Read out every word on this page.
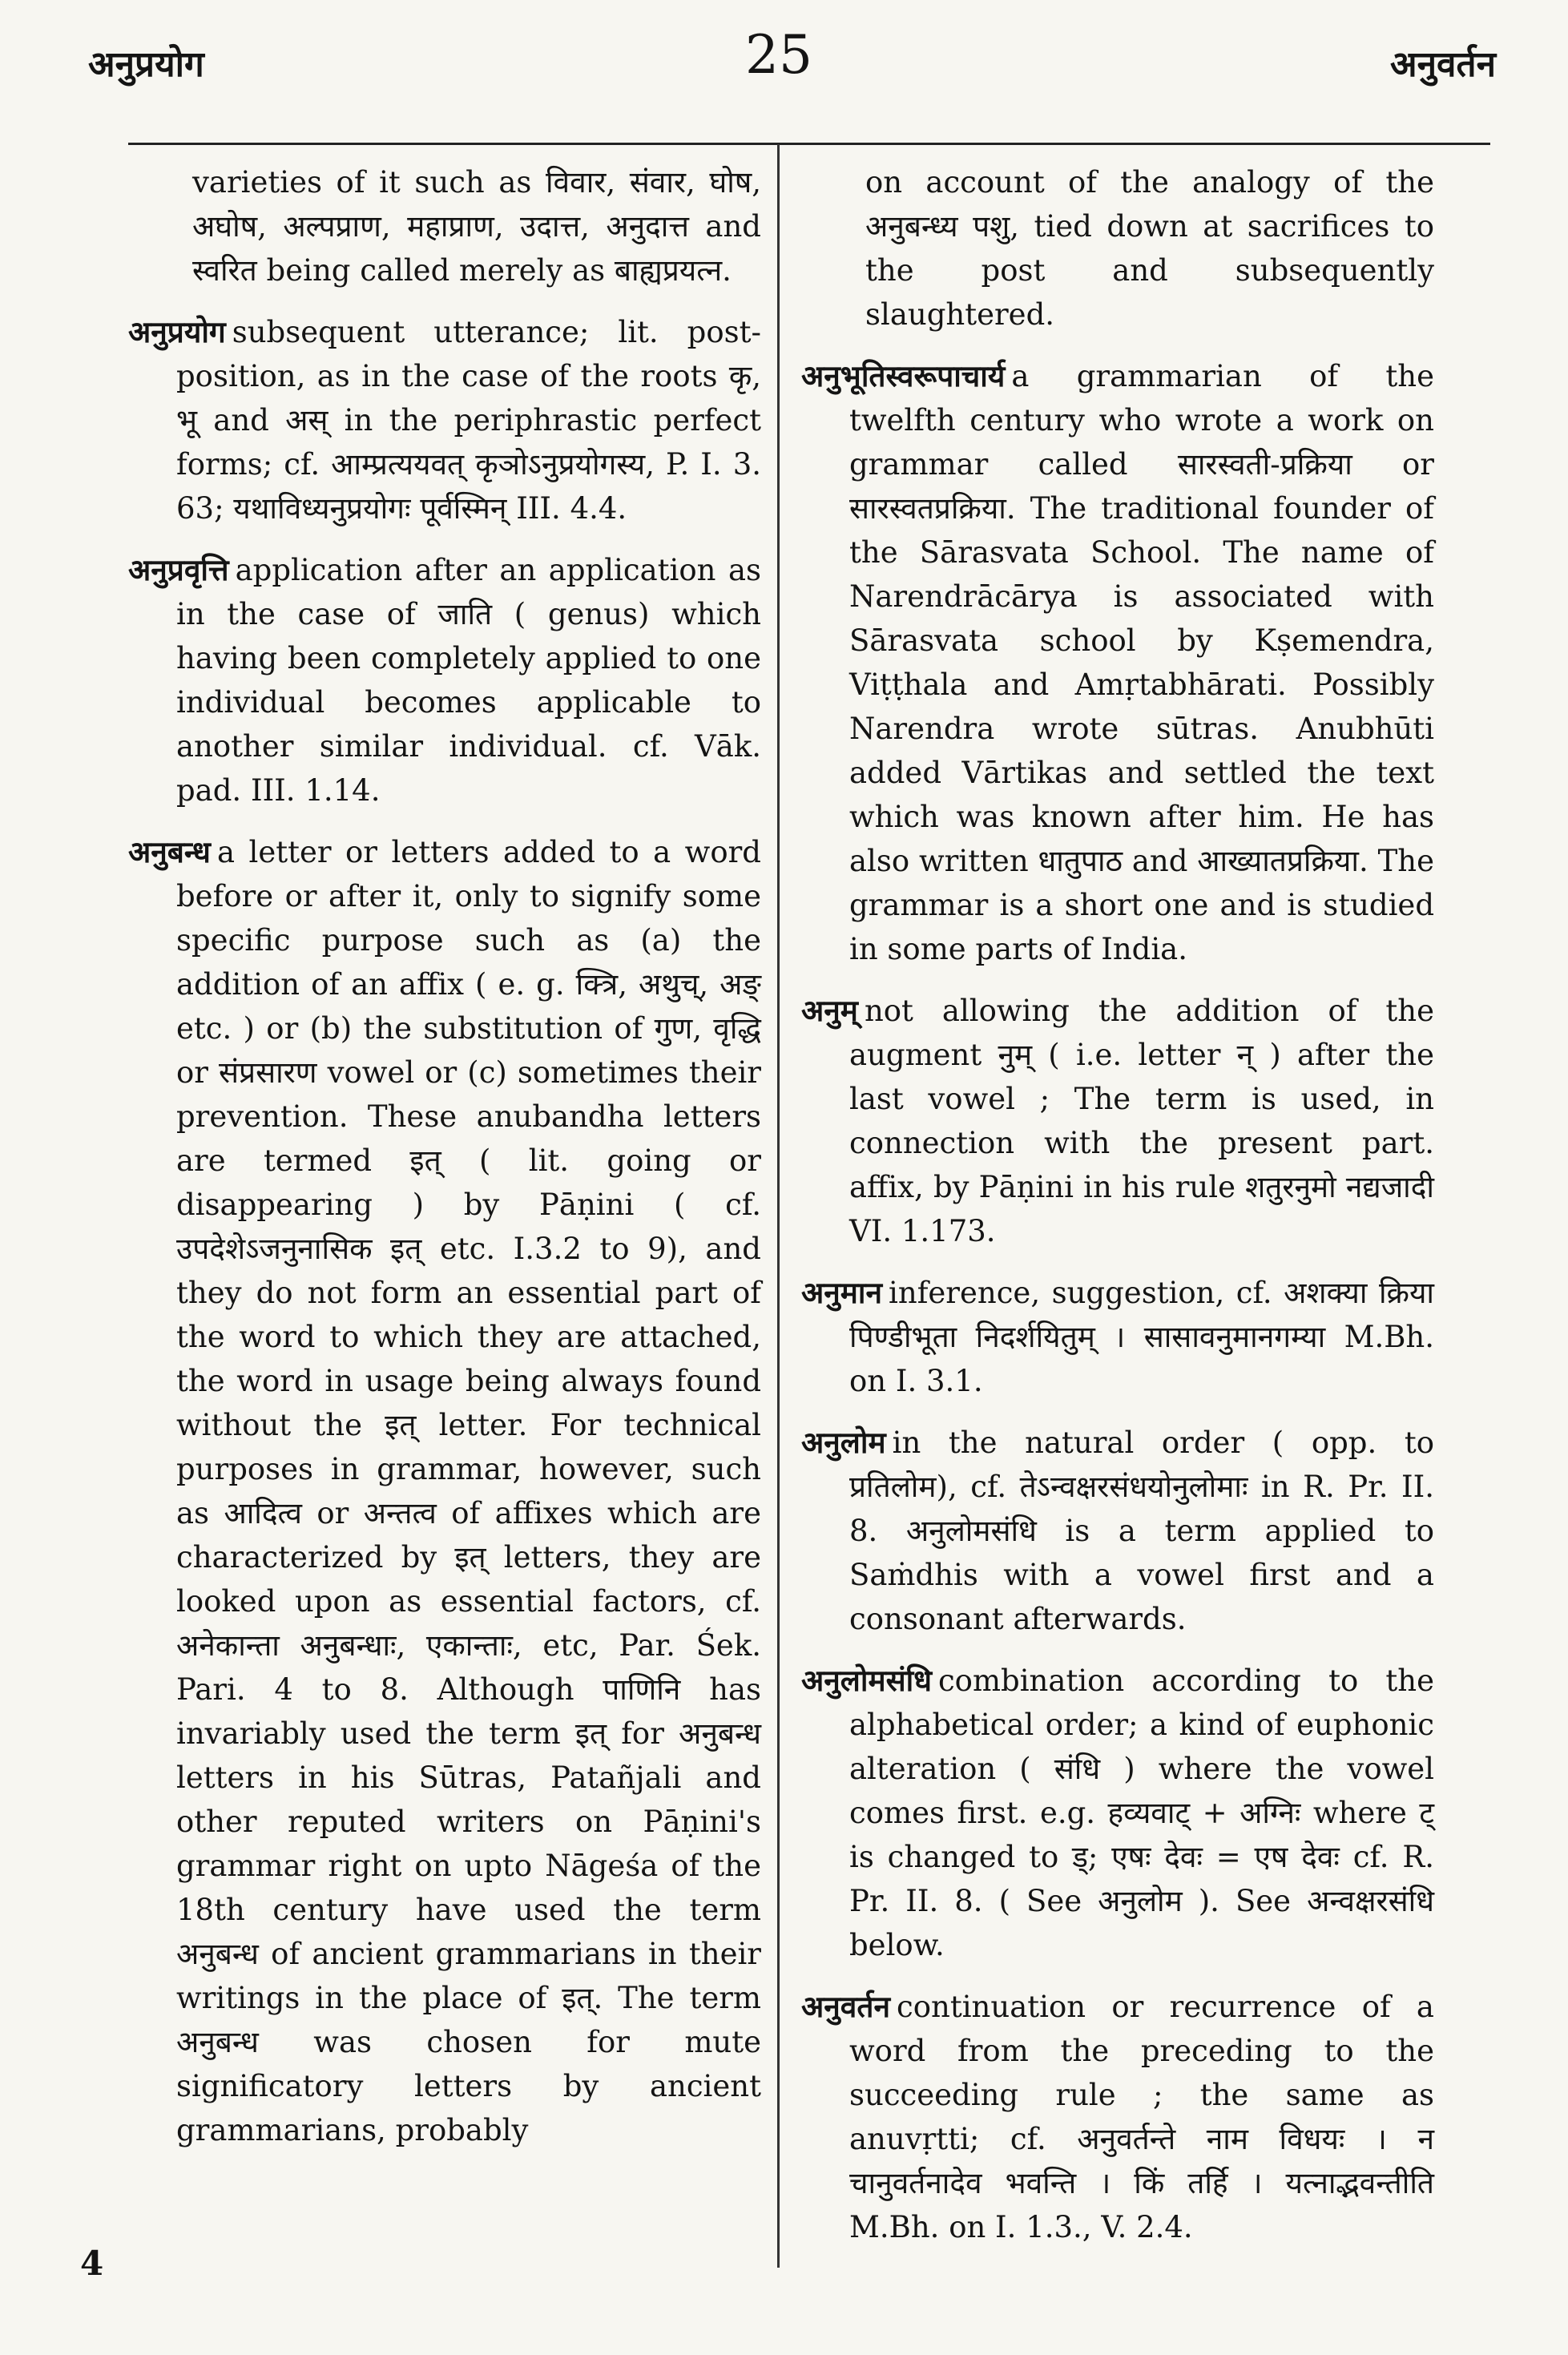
अनुप्रयोग	25	अनुवर्तन

varieties of it such as विवार, संवार, घोष, अघोष, अल्पप्राण, महाप्राण, उदात्त, अनुदात्त and स्वरित being called merely as बाह्यप्रयत्न.

अनुप्रयोग subsequent utterance; lit. post-position, as in the case of the roots कृ, भू and अस् in the periphrastic perfect forms; cf. आम्प्रत्ययवत् कृञोऽनुप्रयोगस्य, P. I. 3. 63; यथाविध्यनुप्रयोगः पूर्वस्मिन् III. 4.4.

अनुप्रवृत्ति application after an application as in the case of जाति ( genus) which having been completely applied to one individual becomes applicable to another similar individual. cf. Vāk. pad. III. 1.14.

अनुबन्ध a letter or letters added to a word before or after it, only to signify some specific purpose such as (a) the addition of an affix ( e. g. क्त्रि, अथुच्, अङ् etc. ) or (b) the substitution of गुण, वृद्धि or संप्रसारण vowel or (c) sometimes their prevention. These anubandha letters are termed इत् ( lit. going or disappearing ) by Pāṇini ( cf. उपदेशेऽजनुनासिक इत् etc. I.3.2 to 9), and they do not form an essential part of the word to which they are attached, the word in usage being always found without the इत् letter. For technical purposes in grammar, however, such as आदित्व or अन्तत्व of affixes which are characterized by इत् letters, they are looked upon as essential factors, cf. अनेकान्ता अनुबन्धाः, एकान्ताः, etc, Par. Śek. Pari. 4 to 8. Although पाणिनि has invariably used the term इत् for अनुबन्ध letters in his Sūtras, Patañjali and other reputed writers on Pāṇini's grammar right on upto Nāgeśa of the 18th century have used the term अनुबन्ध of ancient grammarians in their writings in the place of इत्. The term अनुबन्ध was chosen for mute significatory letters by ancient grammarians, probably

on account of the analogy of the अनुबन्ध्य पशु, tied down at sacrifices to the post and subsequently slaughtered.

अनुभूतिस्वरूपाचार्य a grammarian of the twelfth century who wrote a work on grammar called सारस्वती-प्रक्रिया or सारस्वतप्रक्रिया. The traditional founder of the Sārasvata School. The name of Narendrācārya is associated with Sārasvata school by Kṣemendra, Viṭṭhala and Amṛtabhārati. Possibly Narendra wrote sūtras. Anubhūti added Vārtikas and settled the text which was known after him. He has also written धातुपाठ and आख्यातप्रक्रिया. The grammar is a short one and is studied in some parts of India.

अनुम् not allowing the addition of the augment नुम् ( i.e. letter न् ) after the last vowel ; The term is used, in connection with the present part. affix, by Pāṇini in his rule शतुरनुमो नद्यजादी VI. 1.173.

अनुमान inference, suggestion, cf. अशक्या क्रिया पिण्डीभूता निदर्शयितुम् । सासावनुमानगम्या M.Bh. on I. 3.1.

अनुलोम in the natural order ( opp. to प्रतिलोम), cf. तेऽन्वक्षरसंधयोनुलोमाः in R. Pr. II. 8. अनुलोमसंधि is a term applied to Saṁdhis with a vowel first and a consonant afterwards.

अनुलोमसंधि combination according to the alphabetical order; a kind of euphonic alteration ( संधि ) where the vowel comes first. e.g. हव्यवाट् + अग्निः where ट् is changed to ड्; एषः देवः = एष देवः cf. R. Pr. II. 8. ( See अनुलोम ). See अन्वक्षरसंधि below.

अनुवर्तन continuation or recurrence of a word from the preceding to the succeeding rule ; the same as anuvṛtti; cf. अनुवर्तन्ते नाम विधयः । न चानुवर्तनादेव भवन्ति । किं तर्हि । यत्नाद्भवन्तीति M.Bh. on I. 1.3., V. 2.4.

4
